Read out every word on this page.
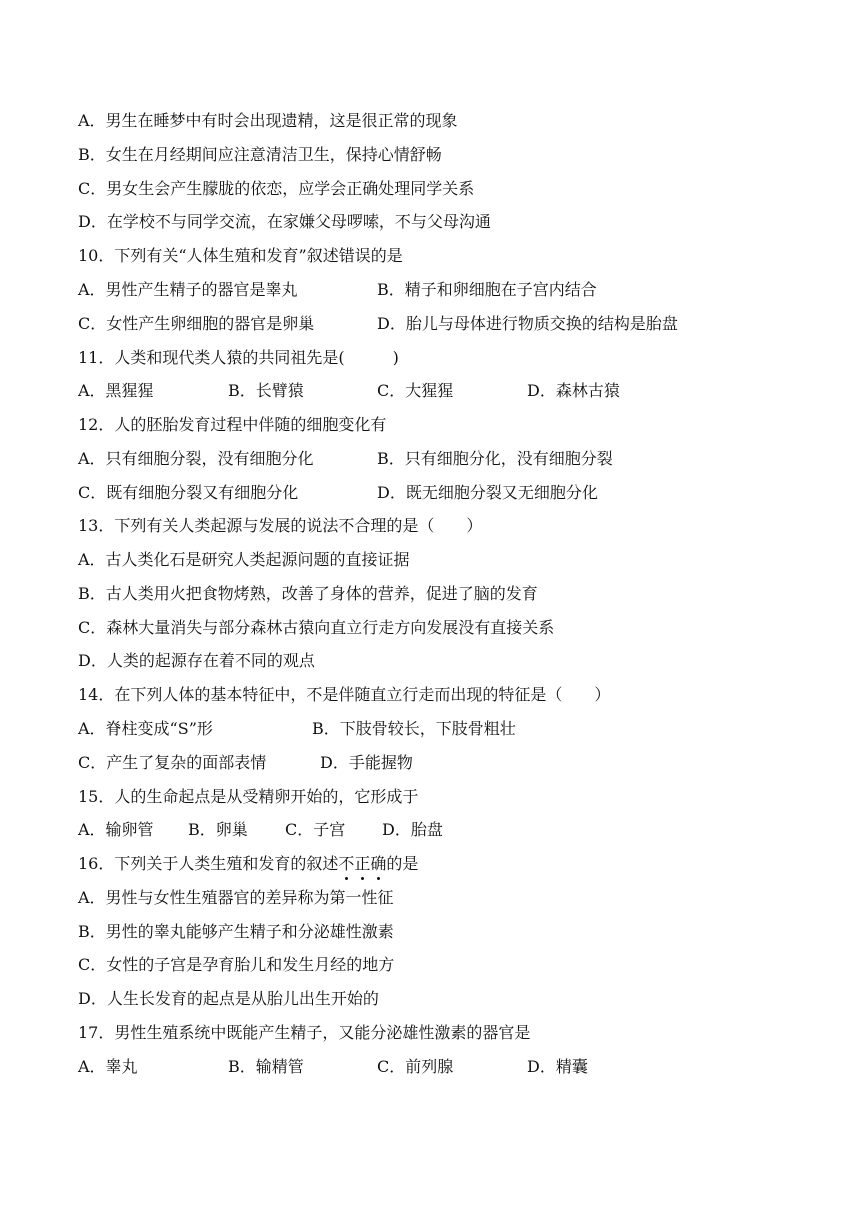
A．男生在睡梦中有时会出现遗精，这是很正常的现象
B．女生在月经期间应注意清洁卫生，保持心情舒畅
C．男女生会产生朦胧的依恋，应学会正确处理同学关系
D．在学校不与同学交流，在家嫌父母啰嗦，不与父母沟通
10．下列有关“人体生殖和发育”叙述错误的是
A．男性产生精子的器官是睾丸	B．精子和卵细胞在子宫内结合
C．女性产生卵细胞的器官是卵巢	D．胎儿与母体进行物质交换的结构是胎盘
11．人类和现代类人猿的共同祖先是(　　　)
A．黑猩猩	B．长臂猿	C．大猩猩	D．森林古猿
12．人的胚胎发育过程中伴随的细胞变化有
A．只有细胞分裂，没有细胞分化	B．只有细胞分化，没有细胞分裂
C．既有细胞分裂又有细胞分化	D．既无细胞分裂又无细胞分化
13．下列有关人类起源与发展的说法不合理的是（　　）
A．古人类化石是研究人类起源问题的直接证据
B．古人类用火把食物烤熟，改善了身体的营养，促进了脑的发育
C．森林大量消失与部分森林古猿向直立行走方向发展没有直接关系
D．人类的起源存在着不同的观点
14．在下列人体的基本特征中，不是伴随直立行走而出现的特征是（　　）
A．脊柱变成“S”形	B．下肢骨较长，下肢骨粗壮
C．产生了复杂的面部表情	D．手能握物
15．人的生命起点是从受精卵开始的，它形成于
A．输卵管 B．卵巢 C．子宫 D．胎盘
16．下列关于人类生殖和发育的叙述不正确的是
A．男性与女性生殖器官的差异称为第一性征
B．男性的睾丸能够产生精子和分泌雄性激素
C．女性的子宫是孕育胎儿和发生月经的地方
D．人生长发育的起点是从胎儿出生开始的
17．男性生殖系统中既能产生精子，又能分泌雄性激素的器官是
A．睾丸	B．输精管	C．前列腺	D．精囊
